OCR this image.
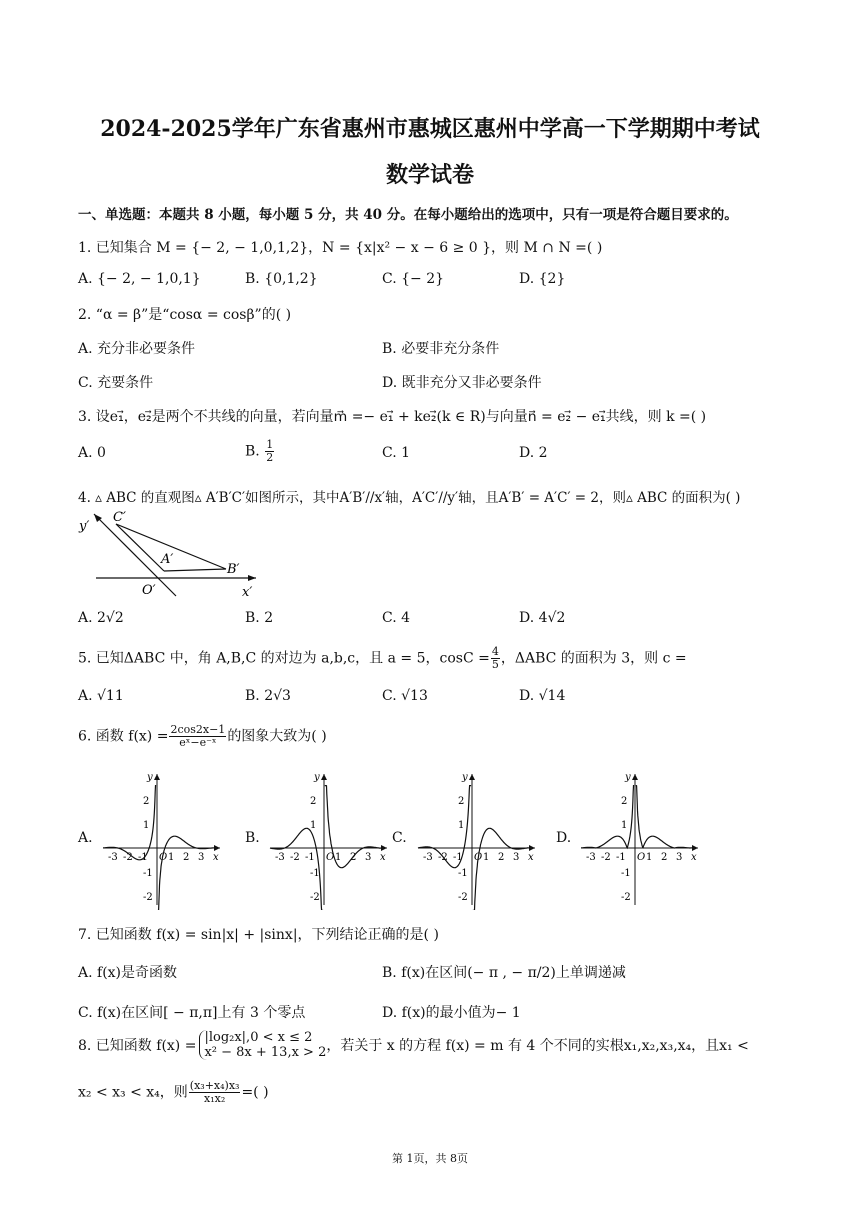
2024-2025学年广东省惠州市惠城区惠州中学高一下学期期中考试
数学试卷
一、单选题：本题共 8 小题，每小题 5 分，共 40 分。在每小题给出的选项中，只有一项是符合题目要求的。
1. 已知集合 M = {− 2, − 1,0,1,2}，N = {x|x² − x − 6 ≥ 0 }，则 M ∩ N =( )
A. {− 2, − 1,0,1}	B. {0,1,2}	C. {− 2}	D. {2}
2. “α = β”是“cosα = cosβ”的( )
A. 充分非必要条件	B. 必要非充分条件
C. 充要条件	D. 既非充分又非必要条件
3. 设e₁⃗，e₂⃗是两个不共线的向量，若向量m⃗ =− e₁⃗ + ke₂⃗(k ∈ R)与向量n⃗ = e₂⃗ − e₁⃗共线，则 k =( )
A. 0	B. $\frac{1}{2}$	C. 1	D. 2
4. ▵ ABC 的直观图▵ A′B′C′如图所示，其中A′B′//x′轴，A′C′//y′轴，且A′B′ = A′C′ = 2，则▵ ABC 的面积为( )
y′
C′
A′
B′
O′	x′
A. 2√2	B. 2	C. 4	D. 4√2
5. 已知ΔABC 中，角 A,B,C 的对边为 a,b,c，且 a = 5，$\cos C = \frac{4}{5}$ ，ΔABC 的面积为 3，则 c =
A. √11	B. 2√3	C. √13	D. √14
6. 函数 $f(x) = \frac{2\cos 2x-1}{\text{eˣ−e⁻ˣ}}$ 的图象大致为( )
A.	B.	C.	D.
y
x
O
-3 -2 -1 1 2 3
2
1
-1
-2
y
x
O
-3 -2 -1 1 2 3
2
1
-1
-2
y
x
O
-3 -2 -1 1 2 3
2
1
-1
-2
y
x
O
-3 -2 -1 1 2 3
2
1
-1
-2
7. 已知函数 f(x) = sin|x| + |sinx|，下列结论正确的是( )
A. f(x)是奇函数	B. f(x)在区间(− π , − π/2)上单调递减
C. f(x)在区间[ − π,π]上有 3 个零点	D. f(x)的最小值为− 1
8. 已知函数 f(x) =
|log₂x|,0 < x ≤ 2
x² − 8x + 13,x > 2 ，若关于 x 的方程 f(x) = m 有 4 个不同的实根x₁,x₂,x₃,x₄，且x₁ <
x₂ < x₃ < x₄，则 $\frac{\text{(x₃+x₄)x₃}}{\text{x₁x₂}}$ =( )
第 1页，共 8页
